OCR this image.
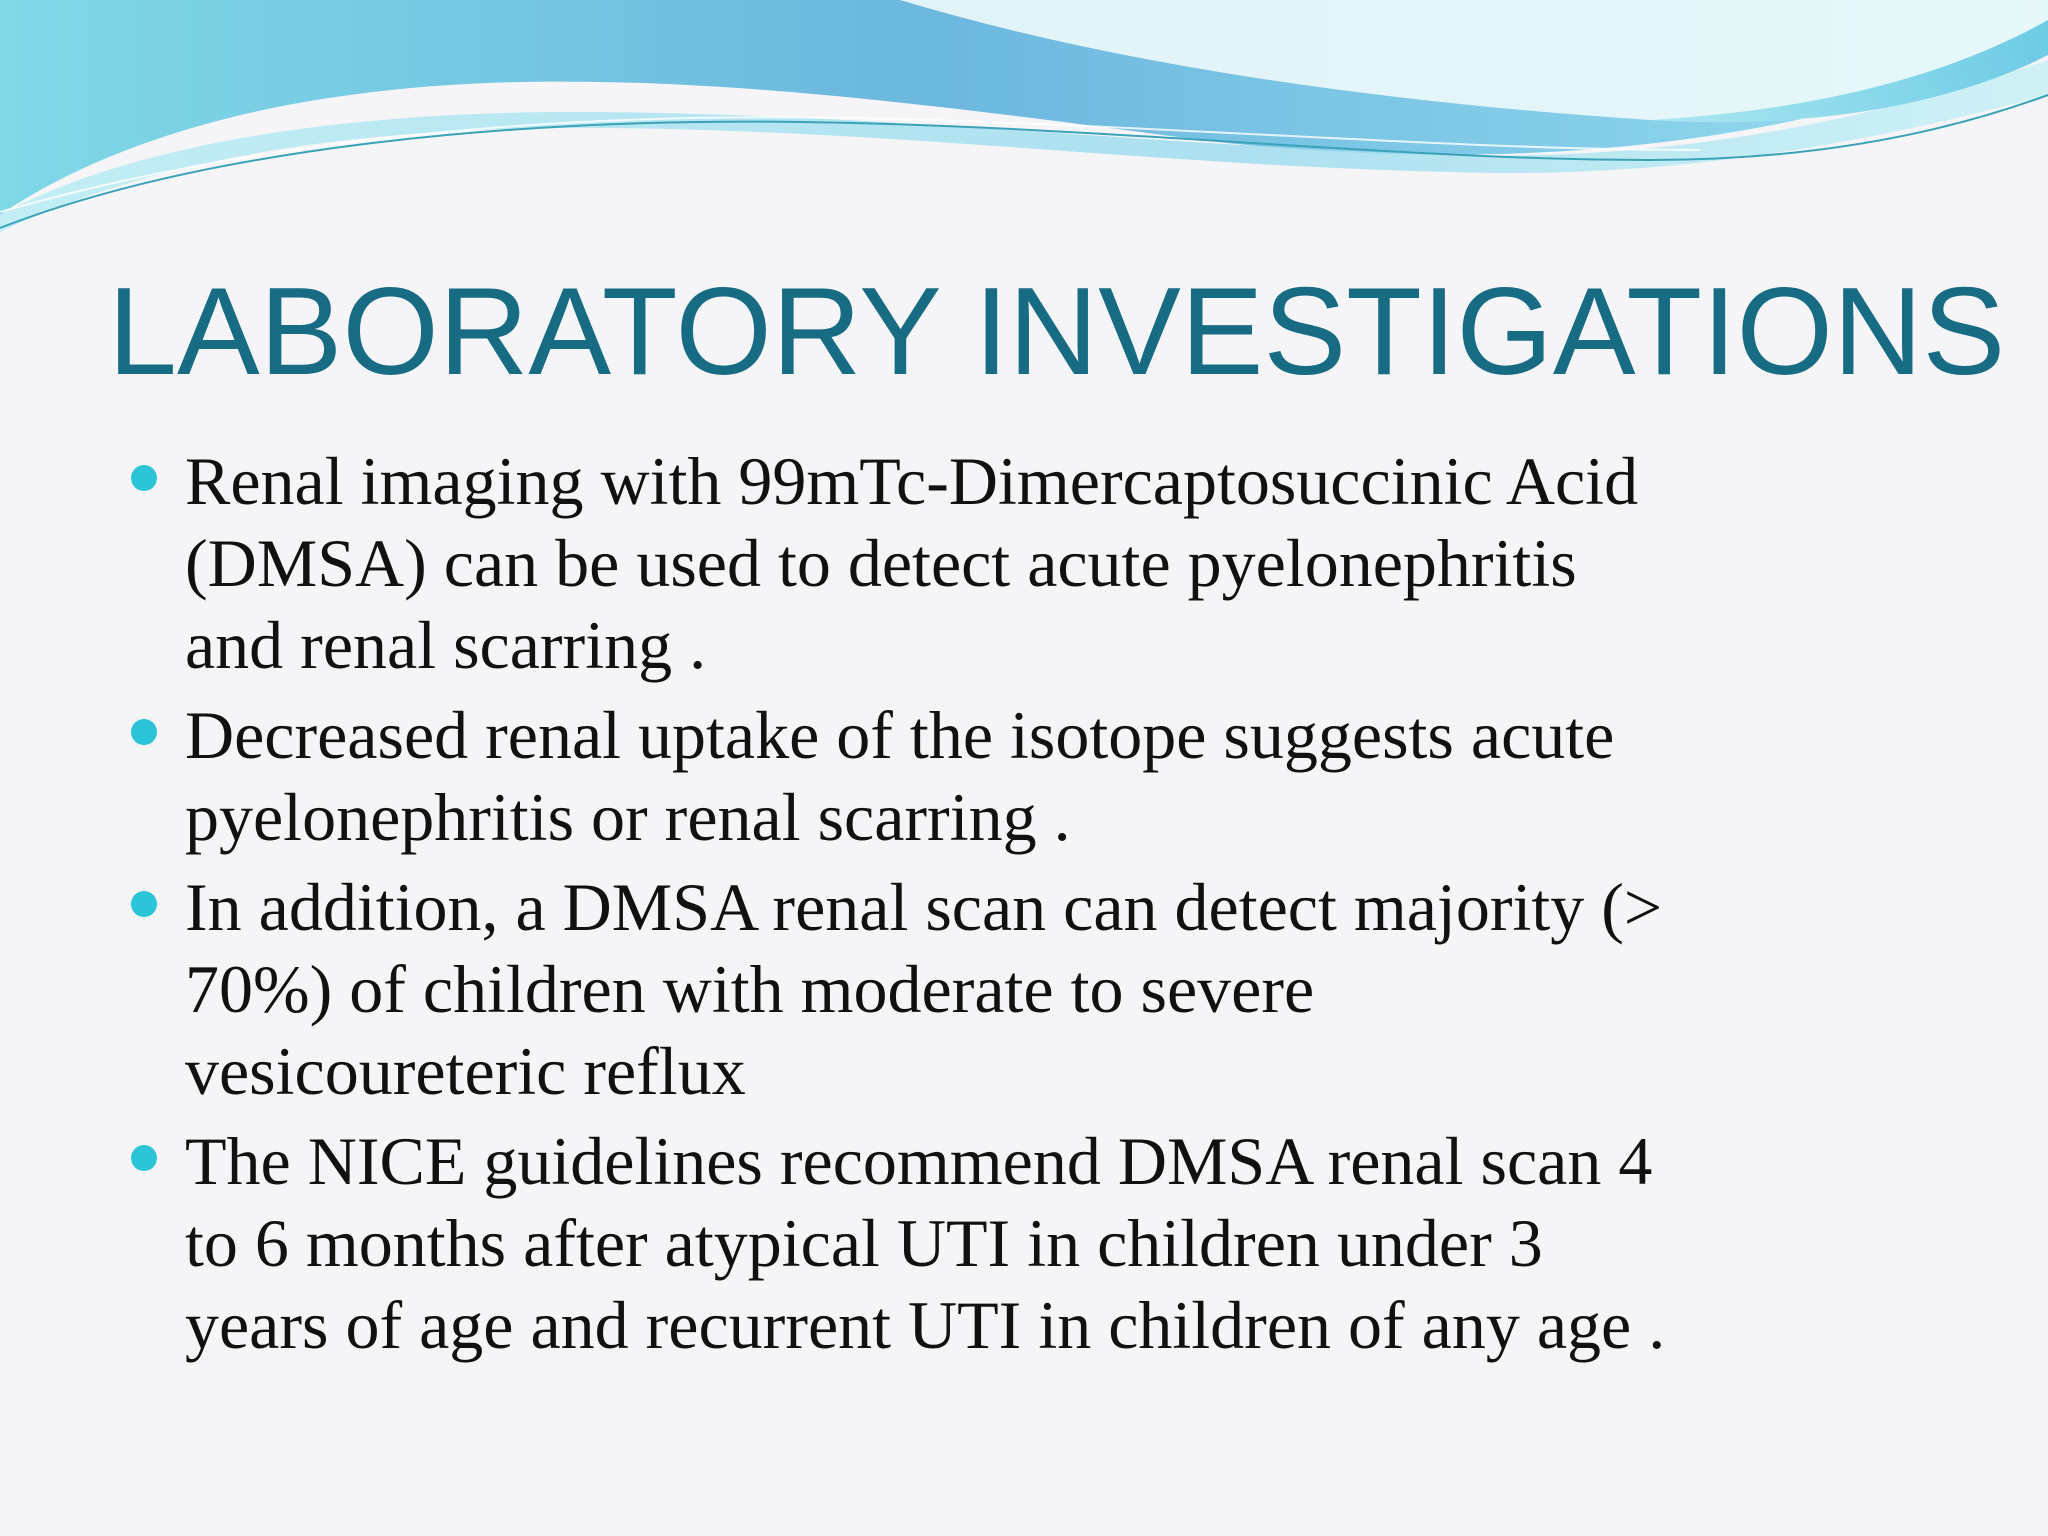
LABORATORY INVESTIGATIONS
Renal imaging with 99mTc-Dimercaptosuccinic Acid
(DMSA) can be used to detect acute pyelonephritis
and renal scarring .
Decreased renal uptake of the isotope suggests acute
pyelonephritis or renal scarring .
In addition, a DMSA renal scan can detect majority (>
70%) of children with moderate to severe
vesicoureteric reflux
The NICE guidelines recommend DMSA renal scan 4
to 6 months after atypical UTI in children under 3
years of age and recurrent UTI in children of any age .
